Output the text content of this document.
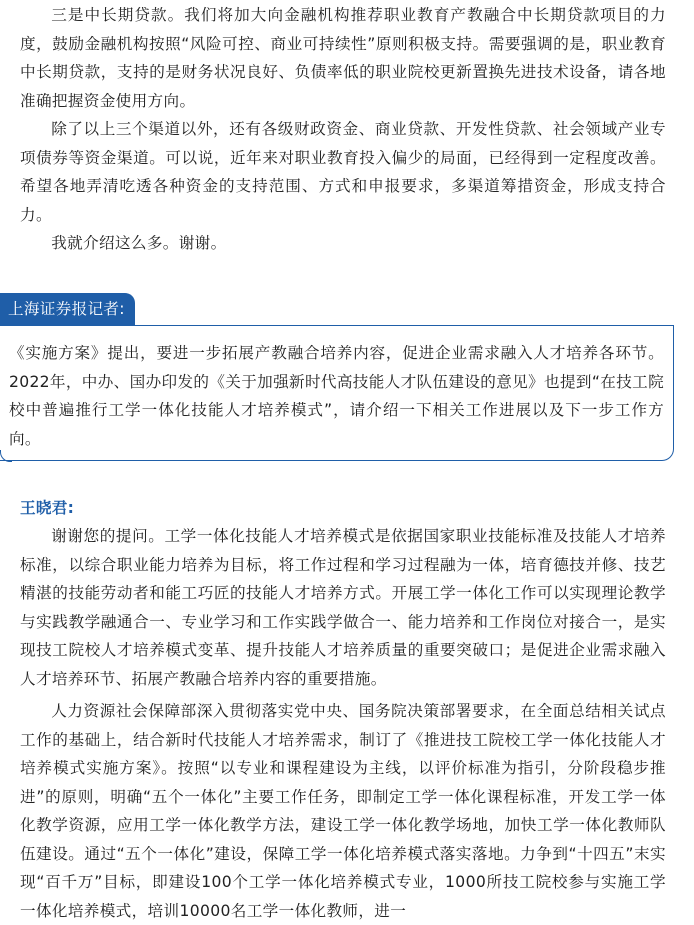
三是中长期贷款。我们将加大向金融机构推荐职业教育产教融合中长期贷款项目的力度，鼓励金融机构按照“风险可控、商业可持续性”原则积极支持。需要强调的是，职业教育中长期贷款，支持的是财务状况良好、负债率低的职业院校更新置换先进技术设备，请各地准确把握资金使用方向。

除了以上三个渠道以外，还有各级财政资金、商业贷款、开发性贷款、社会领域产业专项债券等资金渠道。可以说，近年来对职业教育投入偏少的局面，已经得到一定程度改善。希望各地弄清吃透各种资金的支持范围、方式和申报要求，多渠道筹措资金，形成支持合力。

我就介绍这么多。谢谢。

《实施方案》提出，要进一步拓展产教融合培养内容，促进企业需求融入人才培养各环节。2022年，中办、国办印发的《关于加强新时代高技能人才队伍建设的意见》也提到“在技工院校中普遍推行工学一体化技能人才培养模式”，请介绍一下相关工作进展以及下一步工作方向。

上海证券报记者:
王晓君:

谢谢您的提问。工学一体化技能人才培养模式是依据国家职业技能标准及技能人才培养标准，以综合职业能力培养为目标，将工作过程和学习过程融为一体，培育德技并修、技艺精湛的技能劳动者和能工巧匠的技能人才培养方式。开展工学一体化工作可以实现理论教学与实践教学融通合一、专业学习和工作实践学做合一、能力培养和工作岗位对接合一，是实现技工院校人才培养模式变革、提升技能人才培养质量的重要突破口；是促进企业需求融入人才培养环节、拓展产教融合培养内容的重要措施。

人力资源社会保障部深入贯彻落实党中央、国务院决策部署要求，在全面总结相关试点工作的基础上，结合新时代技能人才培养需求，制订了《推进技工院校工学一体化技能人才培养模式实施方案》。按照“以专业和课程建设为主线，以评价标准为指引，分阶段稳步推进”的原则，明确“五个一体化”主要工作任务，即制定工学一体化课程标准，开发工学一体化教学资源，应用工学一体化教学方法，建设工学一体化教学场地，加快工学一体化教师队伍建设。通过“五个一体化”建设，保障工学一体化培养模式落实落地。力争到“十四五”末实现“百千万”目标，即建设100个工学一体化培养模式专业，1000所技工院校参与实施工学一体化培养模式，培训10000名工学一体化教师，进一
